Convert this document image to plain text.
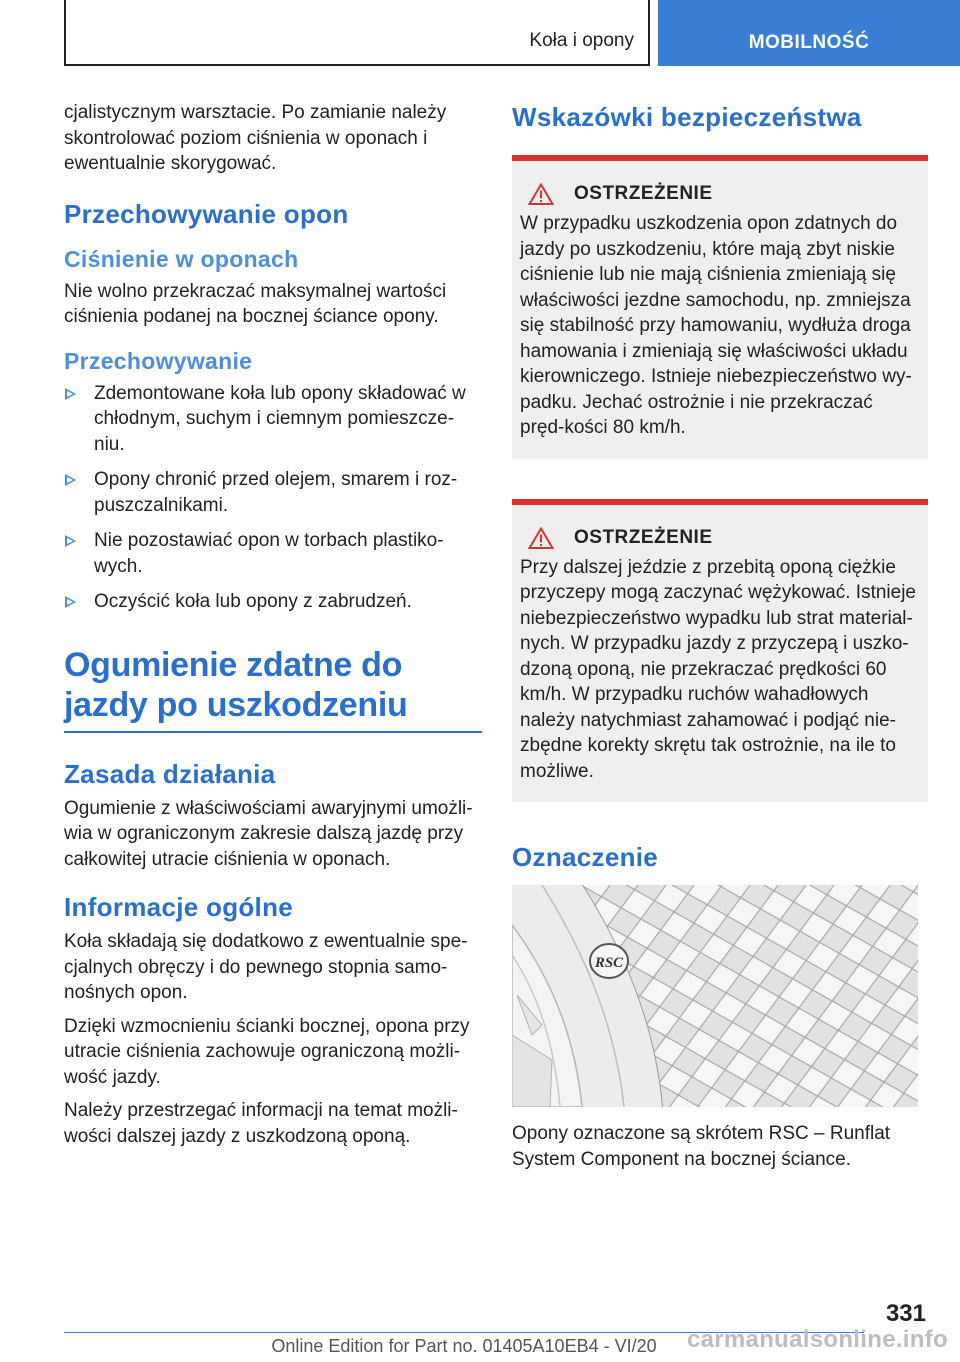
Koła i opony	MOBILNOŚĆ

cjalistycznym warsztacie. Po zamianie należy skontrolować poziom ciśnienia w oponach i ewentualnie skorygować.

Przechowywanie opon
Ciśnienie w oponach

Nie wolno przekraczać maksymalnej wartości ciśnienia podanej na bocznej ściance opony.

Przechowywanie
Zdemontowane koła lub opony składować w chłodnym, suchym i ciemnym pomieszcze-niu.
Opony chronić przed olejem, smarem i roz-puszczalnikami.
Nie pozostawiać opon w torbach plastiko-wych.
Oczyścić koła lub opony z zabrudzeń.
Ogumienie zdatne do jazdy po uszkodzeniu
Zasada działania

Ogumienie z właściwościami awaryjnymi umożli-wia w ograniczonym zakresie dalszą jazdę przy całkowitej utracie ciśnienia w oponach.

Informacje ogólne

Koła składają się dodatkowo z ewentualnie spe-cjalnych obręczy i do pewnego stopnia samo-nośnych opon.

Dzięki wzmocnieniu ścianki bocznej, opona przy utracie ciśnienia zachowuje ograniczoną możli-wość jazdy.

Należy przestrzegać informacji na temat możli-wości dalszej jazdy z uszkodzoną oponą.

Wskazówki bezpieczeństwa
OSTRZEŻENIE

W przypadku uszkodzenia opon zdatnych do jazdy po uszkodzeniu, które mają zbyt niskie ciśnienie lub nie mają ciśnienia zmieniają się właściwości jezdne samochodu, np. zmniejsza się stabilność przy hamowaniu, wydłuża droga hamowania i zmieniają się właściwości układu kierowniczego. Istnieje niebezpieczeństwo wy-padku. Jechać ostrożnie i nie przekraczać pręd-kości 80 km/h.

OSTRZEŻENIE

Przy dalszej jeździe z przebitą oponą ciężkie przyczepy mogą zaczynać wężykować. Istnieje niebezpieczeństwo wypadku lub strat material-nych. W przypadku jazdy z przyczepą i uszko-dzoną oponą, nie przekraczać prędkości 60 km/h. W przypadku ruchów wahadłowych należy natychmiast zahamować i podjąć nie-zbędne korekty skrętu tak ostrożnie, na ile to możliwe.

Oznaczenie
RSC

Opony oznaczone są skrótem RSC – Runflat System Component na bocznej ściance.

331
Online Edition for Part no. 01405A10EB4 - VI/20	carmanualsonline.info
